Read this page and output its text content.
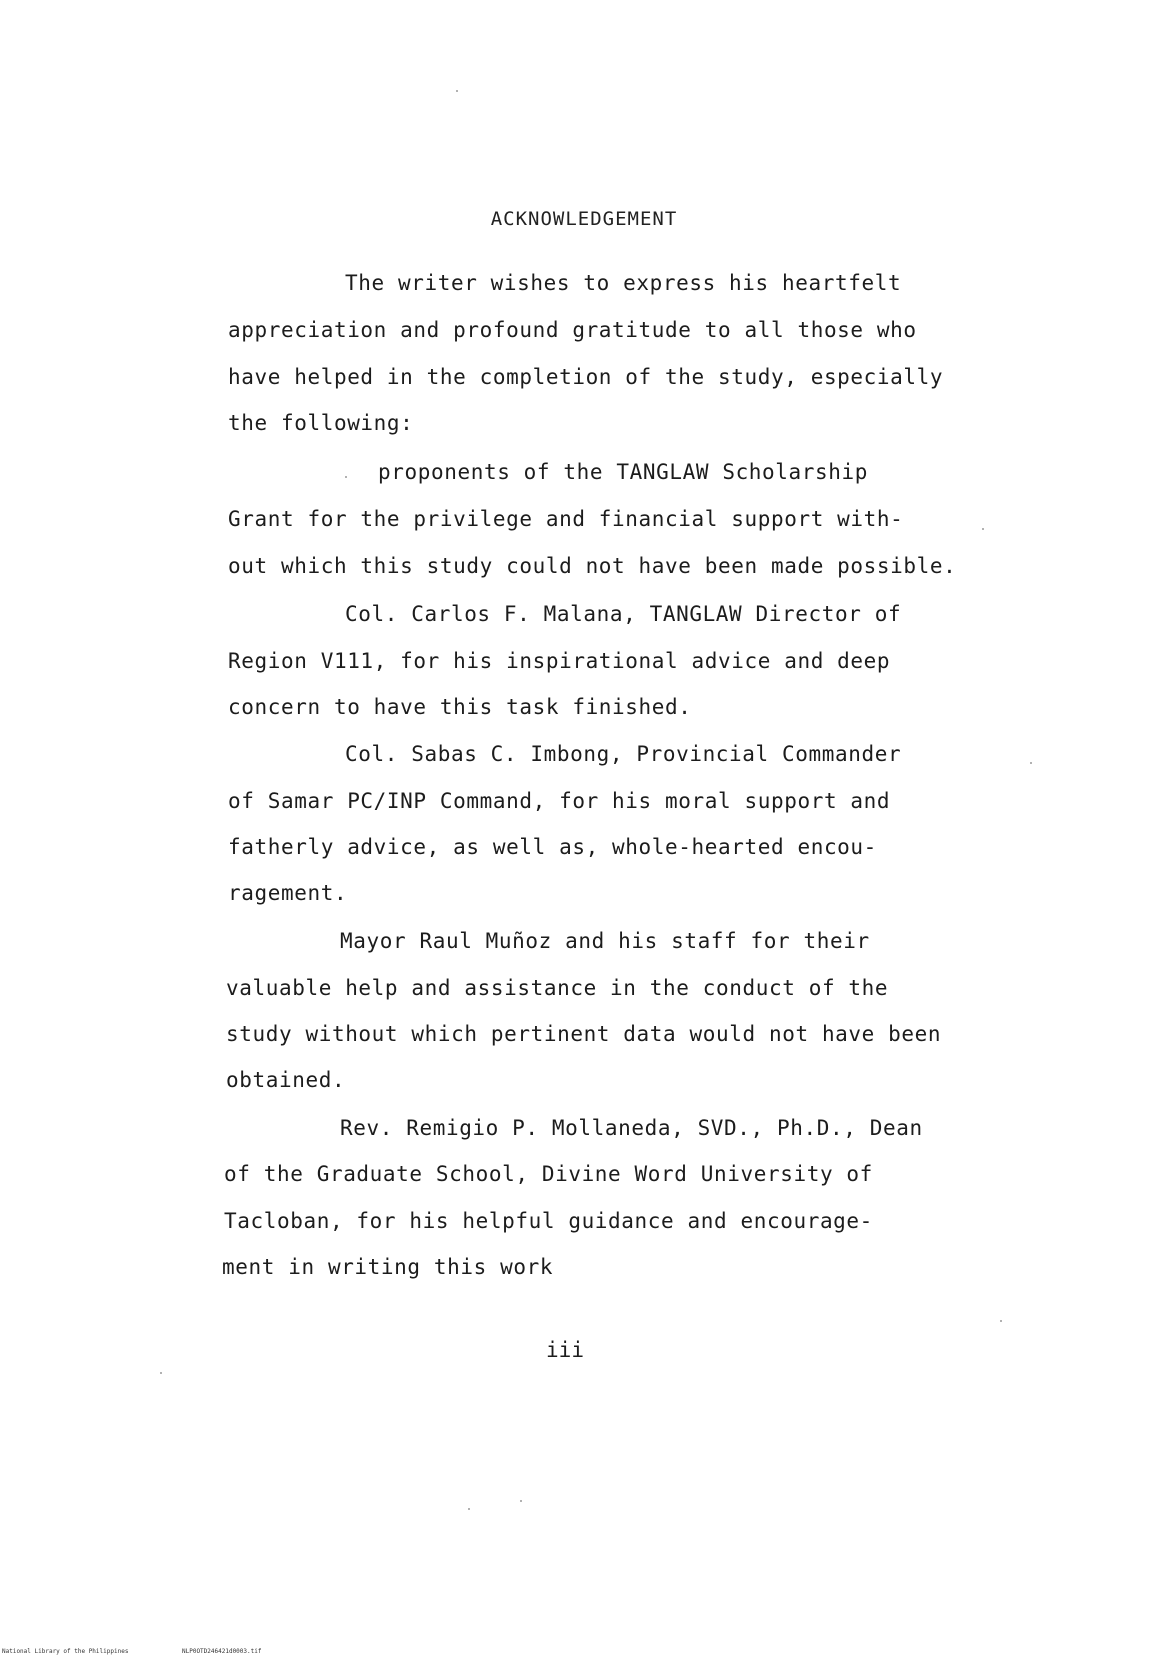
ACKNOWLEDGEMENT
The writer wishes to express his heartfelt
appreciation and profound gratitude to all those who
have helped in the completion of the study, especially
the following:
proponents of the TANGLAW Scholarship
Grant for the privilege and financial support with-
out which this study could not have been made possible.
Col. Carlos F. Malana, TANGLAW Director of
Region V111, for his inspirational advice and deep
concern to have this task finished.
Col. Sabas C. Imbong, Provincial Commander
of Samar PC/INP Command, for his moral support and
fatherly advice, as well as, whole-hearted encou-
ragement.
Mayor Raul Muñoz and his staff for their
valuable help and assistance in the conduct of the
study without which pertinent data would not have been
obtained.
Rev. Remigio P. Mollaneda, SVD., Ph.D., Dean
of the Graduate School, Divine Word University of
Tacloban, for his helpful guidance and encourage-
ment in writing this work
iii
National Library of the Philippines	NLP0OTD246421d0003.tif
